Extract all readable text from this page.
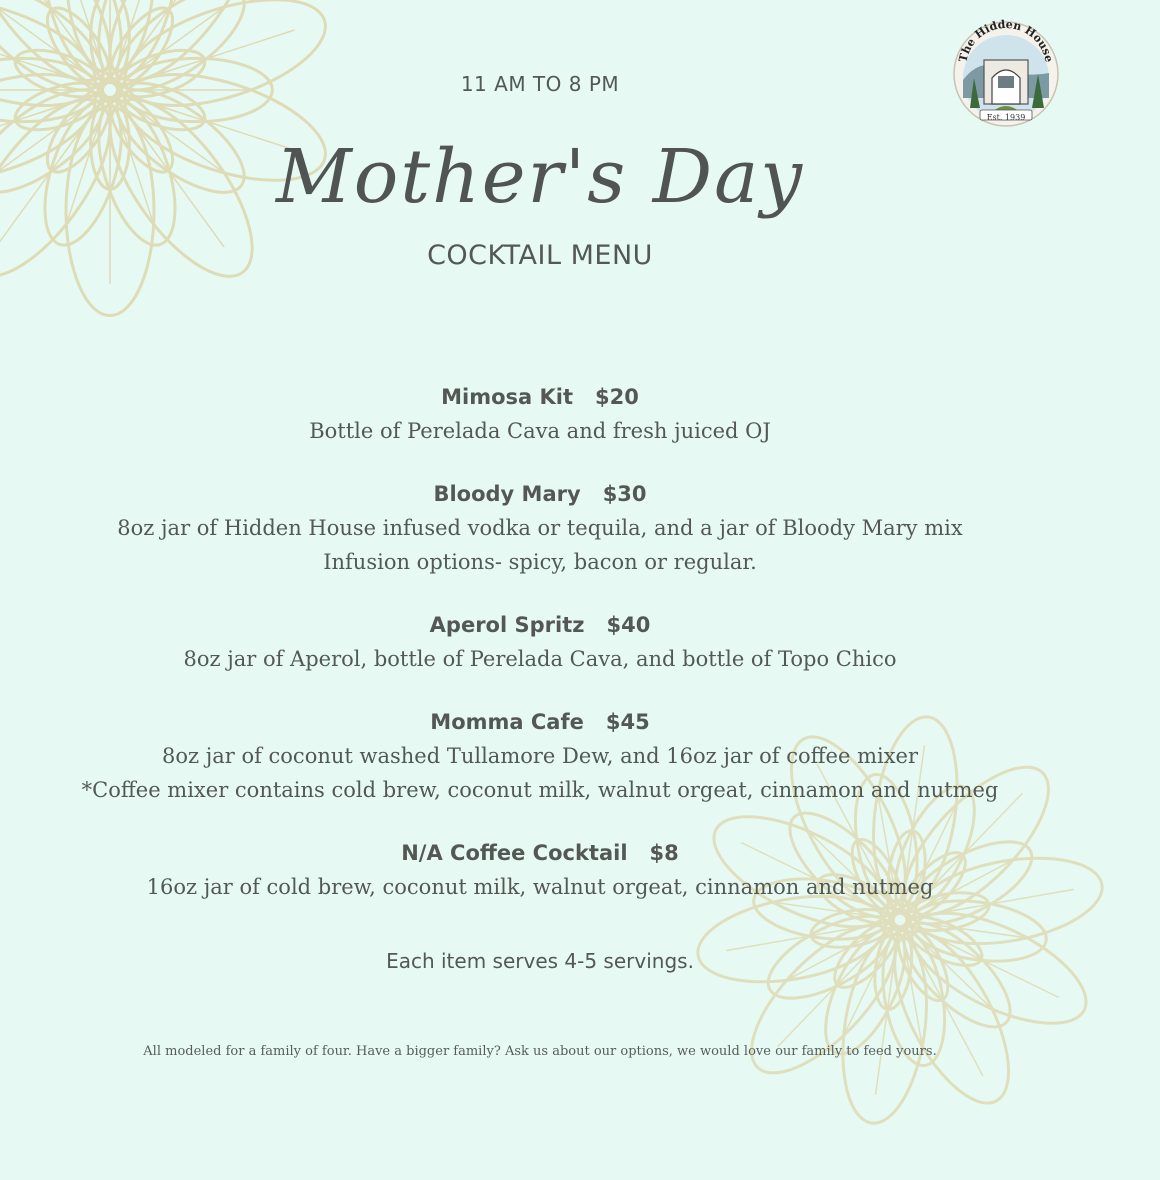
The Hidden House
Est. 1939
11 AM TO 8 PM
Mother's Day
COCKTAIL MENU
Mimosa Kit $20
Bottle of Perelada Cava and fresh juiced OJ
Bloody Mary $30
8oz jar of Hidden House infused vodka or tequila, and a jar of Bloody Mary mix
Infusion options- spicy, bacon or regular.
Aperol Spritz $40
8oz jar of Aperol, bottle of Perelada Cava, and bottle of Topo Chico
Momma Cafe $45
8oz jar of coconut washed Tullamore Dew, and 16oz jar of coffee mixer
*Coffee mixer contains cold brew, coconut milk, walnut orgeat, cinnamon and nutmeg
N/A Coffee Cocktail $8
16oz jar of cold brew, coconut milk, walnut orgeat, cinnamon and nutmeg
Each item serves 4-5 servings.
All modeled for a family of four. Have a bigger family? Ask us about our options, we would love our family to feed yours.
